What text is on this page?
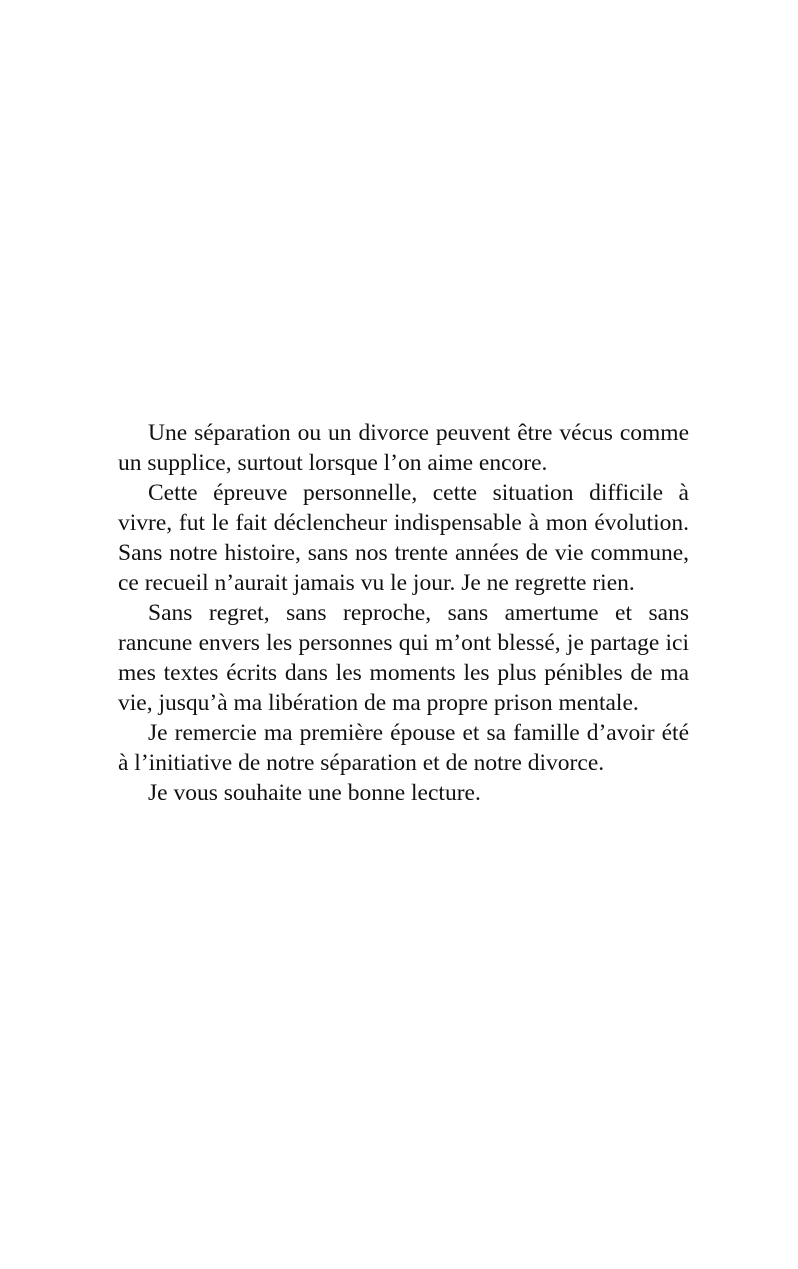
Une séparation ou un divorce peuvent être vécus comme un supplice, surtout lorsque l’on aime encore.

Cette épreuve personnelle, cette situation difficile à vivre, fut le fait déclencheur indispensable à mon évolution. Sans notre histoire, sans nos trente années de vie commune, ce recueil n’aurait jamais vu le jour. Je ne regrette rien.

Sans regret, sans reproche, sans amertume et sans rancune envers les personnes qui m’ont blessé, je partage ici mes textes écrits dans les moments les plus pénibles de ma vie, jusqu’à ma libération de ma propre prison mentale.

Je remercie ma première épouse et sa famille d’avoir été à l’initiative de notre séparation et de notre divorce.

Je vous souhaite une bonne lecture.
